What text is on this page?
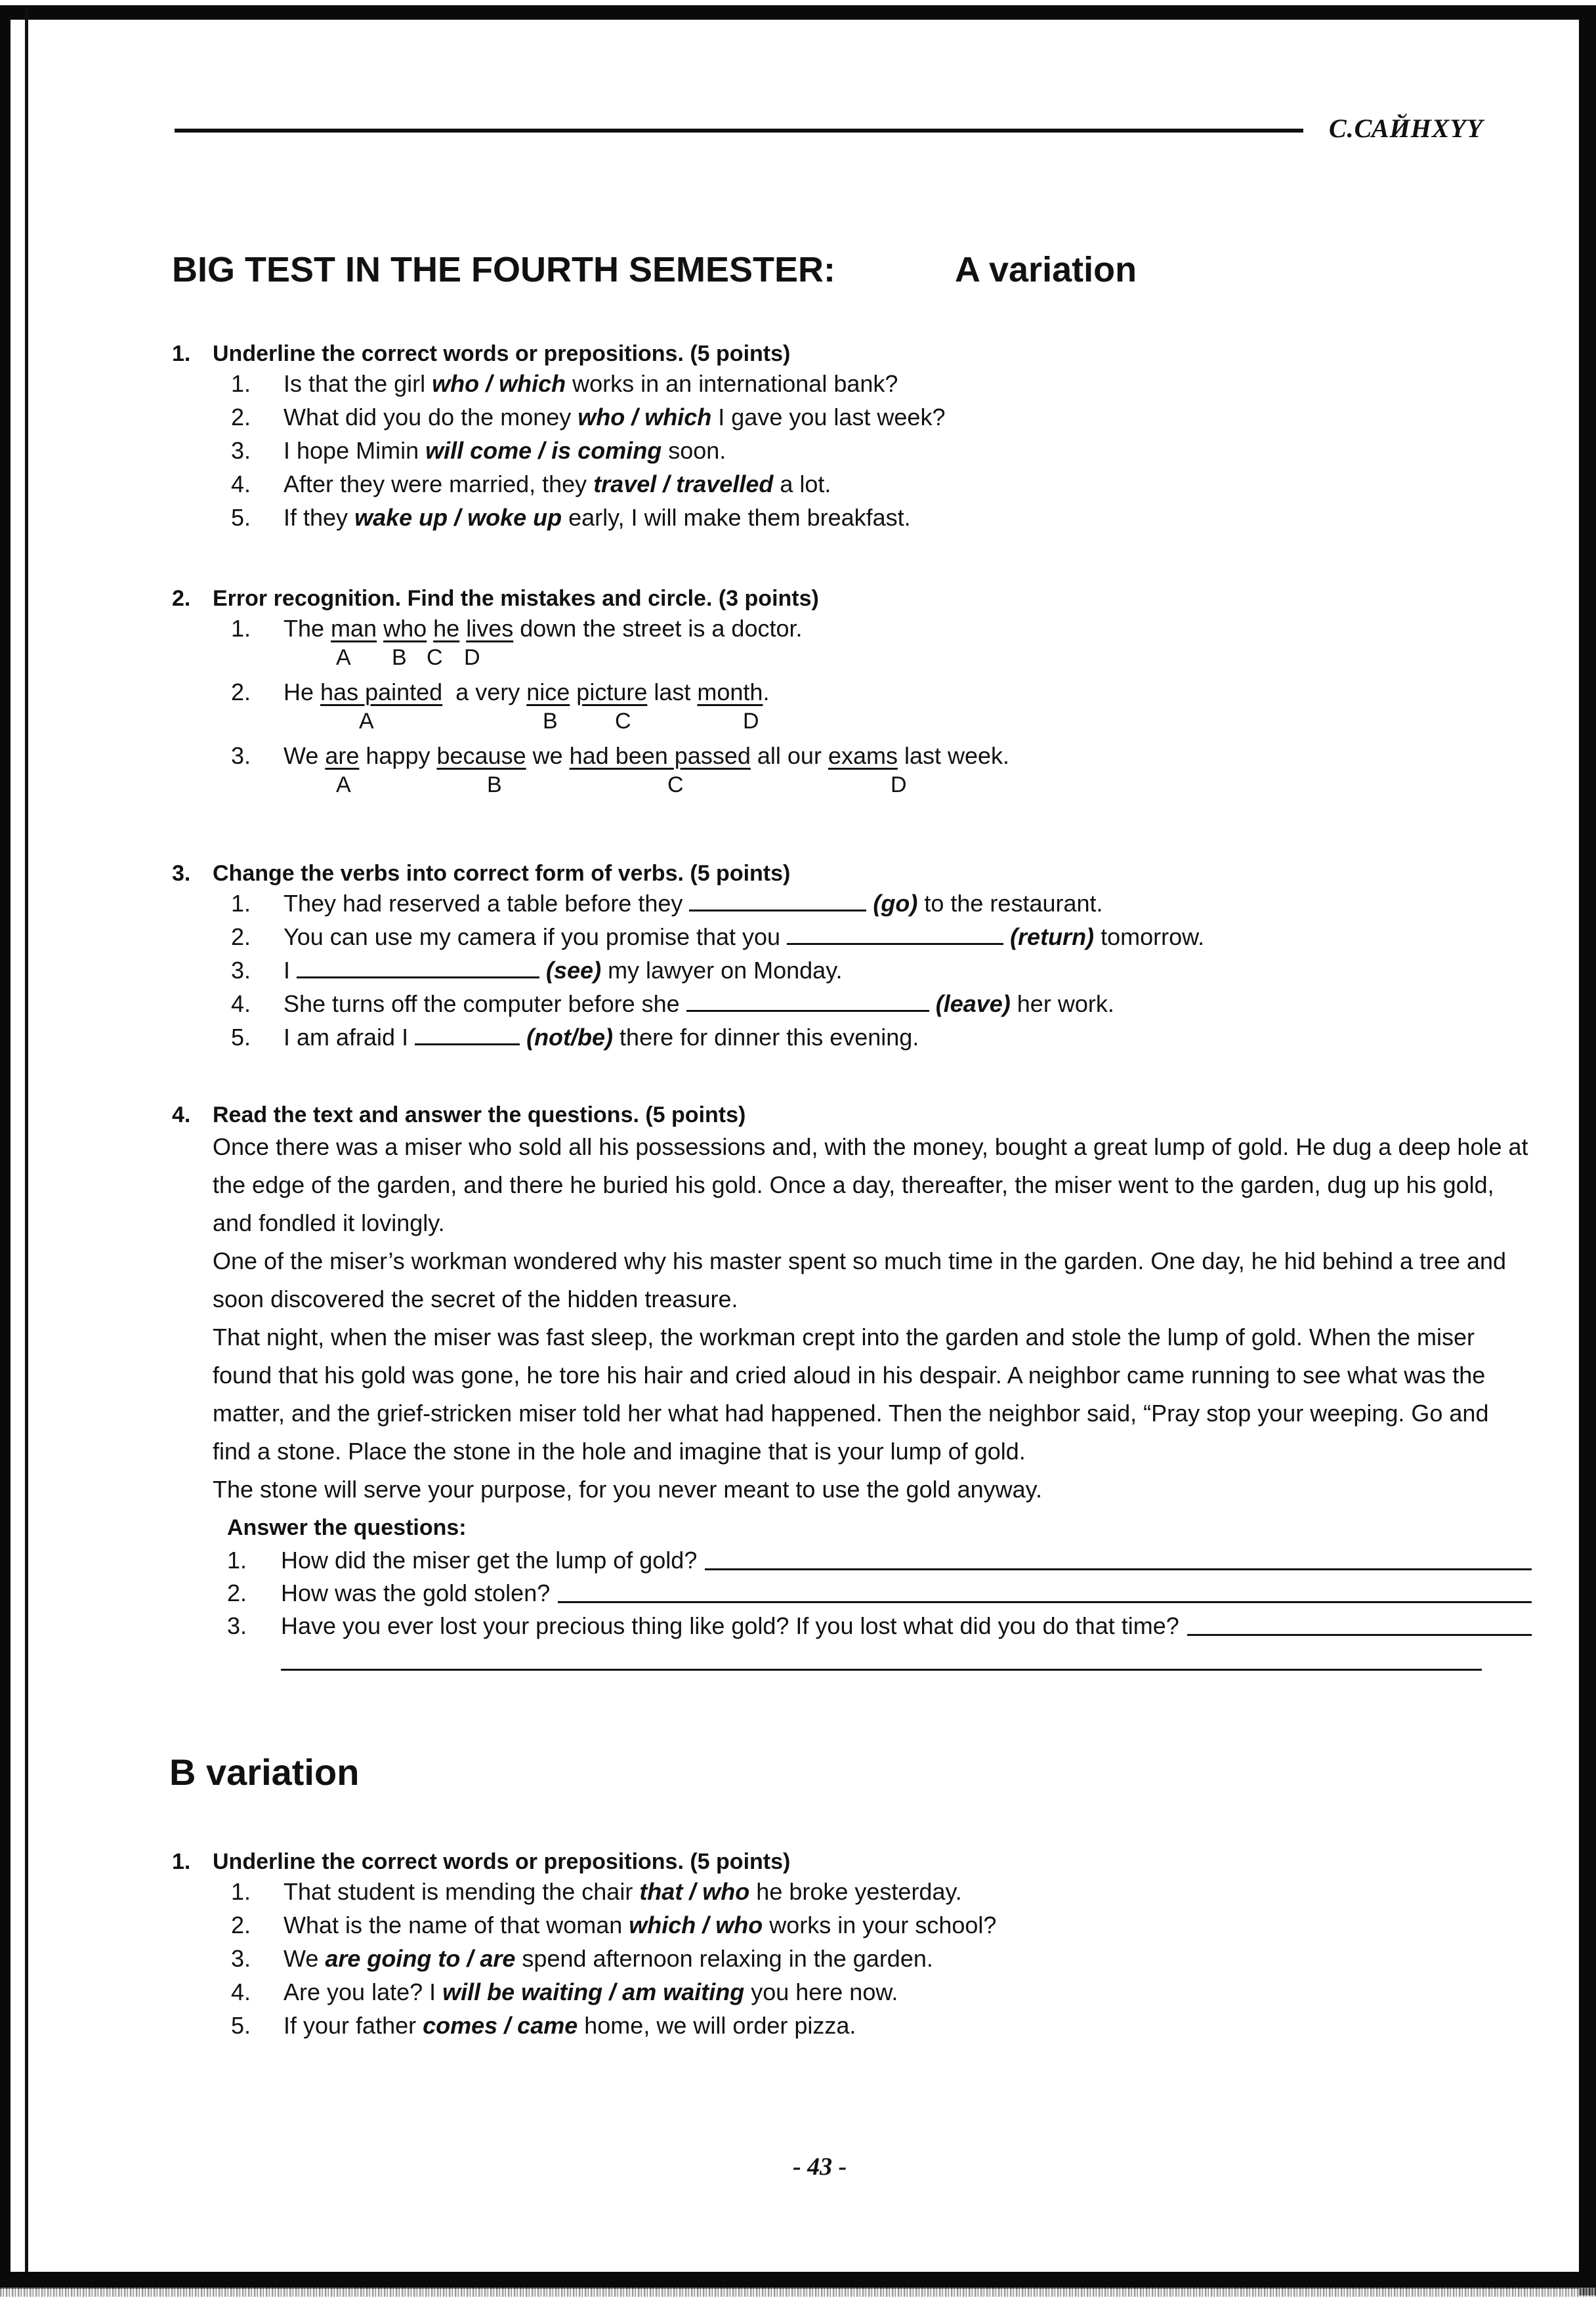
С.САЙНХҮҮ
BIG TEST IN THE FOURTH SEMESTER:	A variation
1. Underline the correct words or prepositions. (5 points)
1.	Is that the girl who / which works in an international bank?
2.	What did you do the money who / which I gave you last week?
3.	I hope Mimin will come / is coming soon.
4.	After they were married, they travel / travelled a lot.
5.	If they wake up / woke up early, I will make them breakfast.
2. Error recognition. Find the mistakes and circle. (3 points)
1.	The man who he lives down the street is a doctor.
A B C D
2.	He has painted  a very nice picture last month.
A	B	C	D
3.	We are happy because we had been passed all our exams last week.
A	B	C	D
3. Change the verbs into correct form of verbs. (5 points)
1.	They had reserved a table before they	(go) to the restaurant.
2.	You can use my camera if you promise that you	(return) tomorrow.
3.	I	(see) my lawyer on Monday.
4.	She turns off the computer before she	(leave) her work.
5.	I am afraid I	(not/be) there for dinner this evening.
4. Read the text and answer the questions. (5 points)
Once there was a miser who sold all his possessions and, with the money, bought a great lump of gold. He dug a deep hole at the edge of the garden, and there he buried his gold. Once a day, thereafter, the miser went to the garden, dug up his gold, and fondled it lovingly.
One of the miser’s workman wondered why his master spent so much time in the garden. One day, he hid behind a tree and soon discovered the secret of the hidden treasure.
That night, when the miser was fast sleep, the workman crept into the garden and stole the lump of gold. When the miser found that his gold was gone, he tore his hair and cried aloud in his despair. A neighbor came running to see what was the matter, and the grief-stricken miser told her what had happened. Then the neighbor said, “Pray stop your weeping. Go and find a stone. Place the stone in the hole and imagine that is your lump of gold.
The stone will serve your purpose, for you never meant to use the gold anyway.
Answer the questions:
1.	How did the miser get the lump of gold?
2.	How was the gold stolen?
3.	Have you ever lost your precious thing like gold? If you lost what did you do that time?
B variation
1. Underline the correct words or prepositions. (5 points)
1.	That student is mending the chair that / who he broke yesterday.
2.	What is the name of that woman which / who works in your school?
3.	We are going to / are spend afternoon relaxing in the garden.
4.	Are you late? I will be waiting / am waiting you here now.
5.	If your father comes / came home, we will order pizza.
- 43 -
